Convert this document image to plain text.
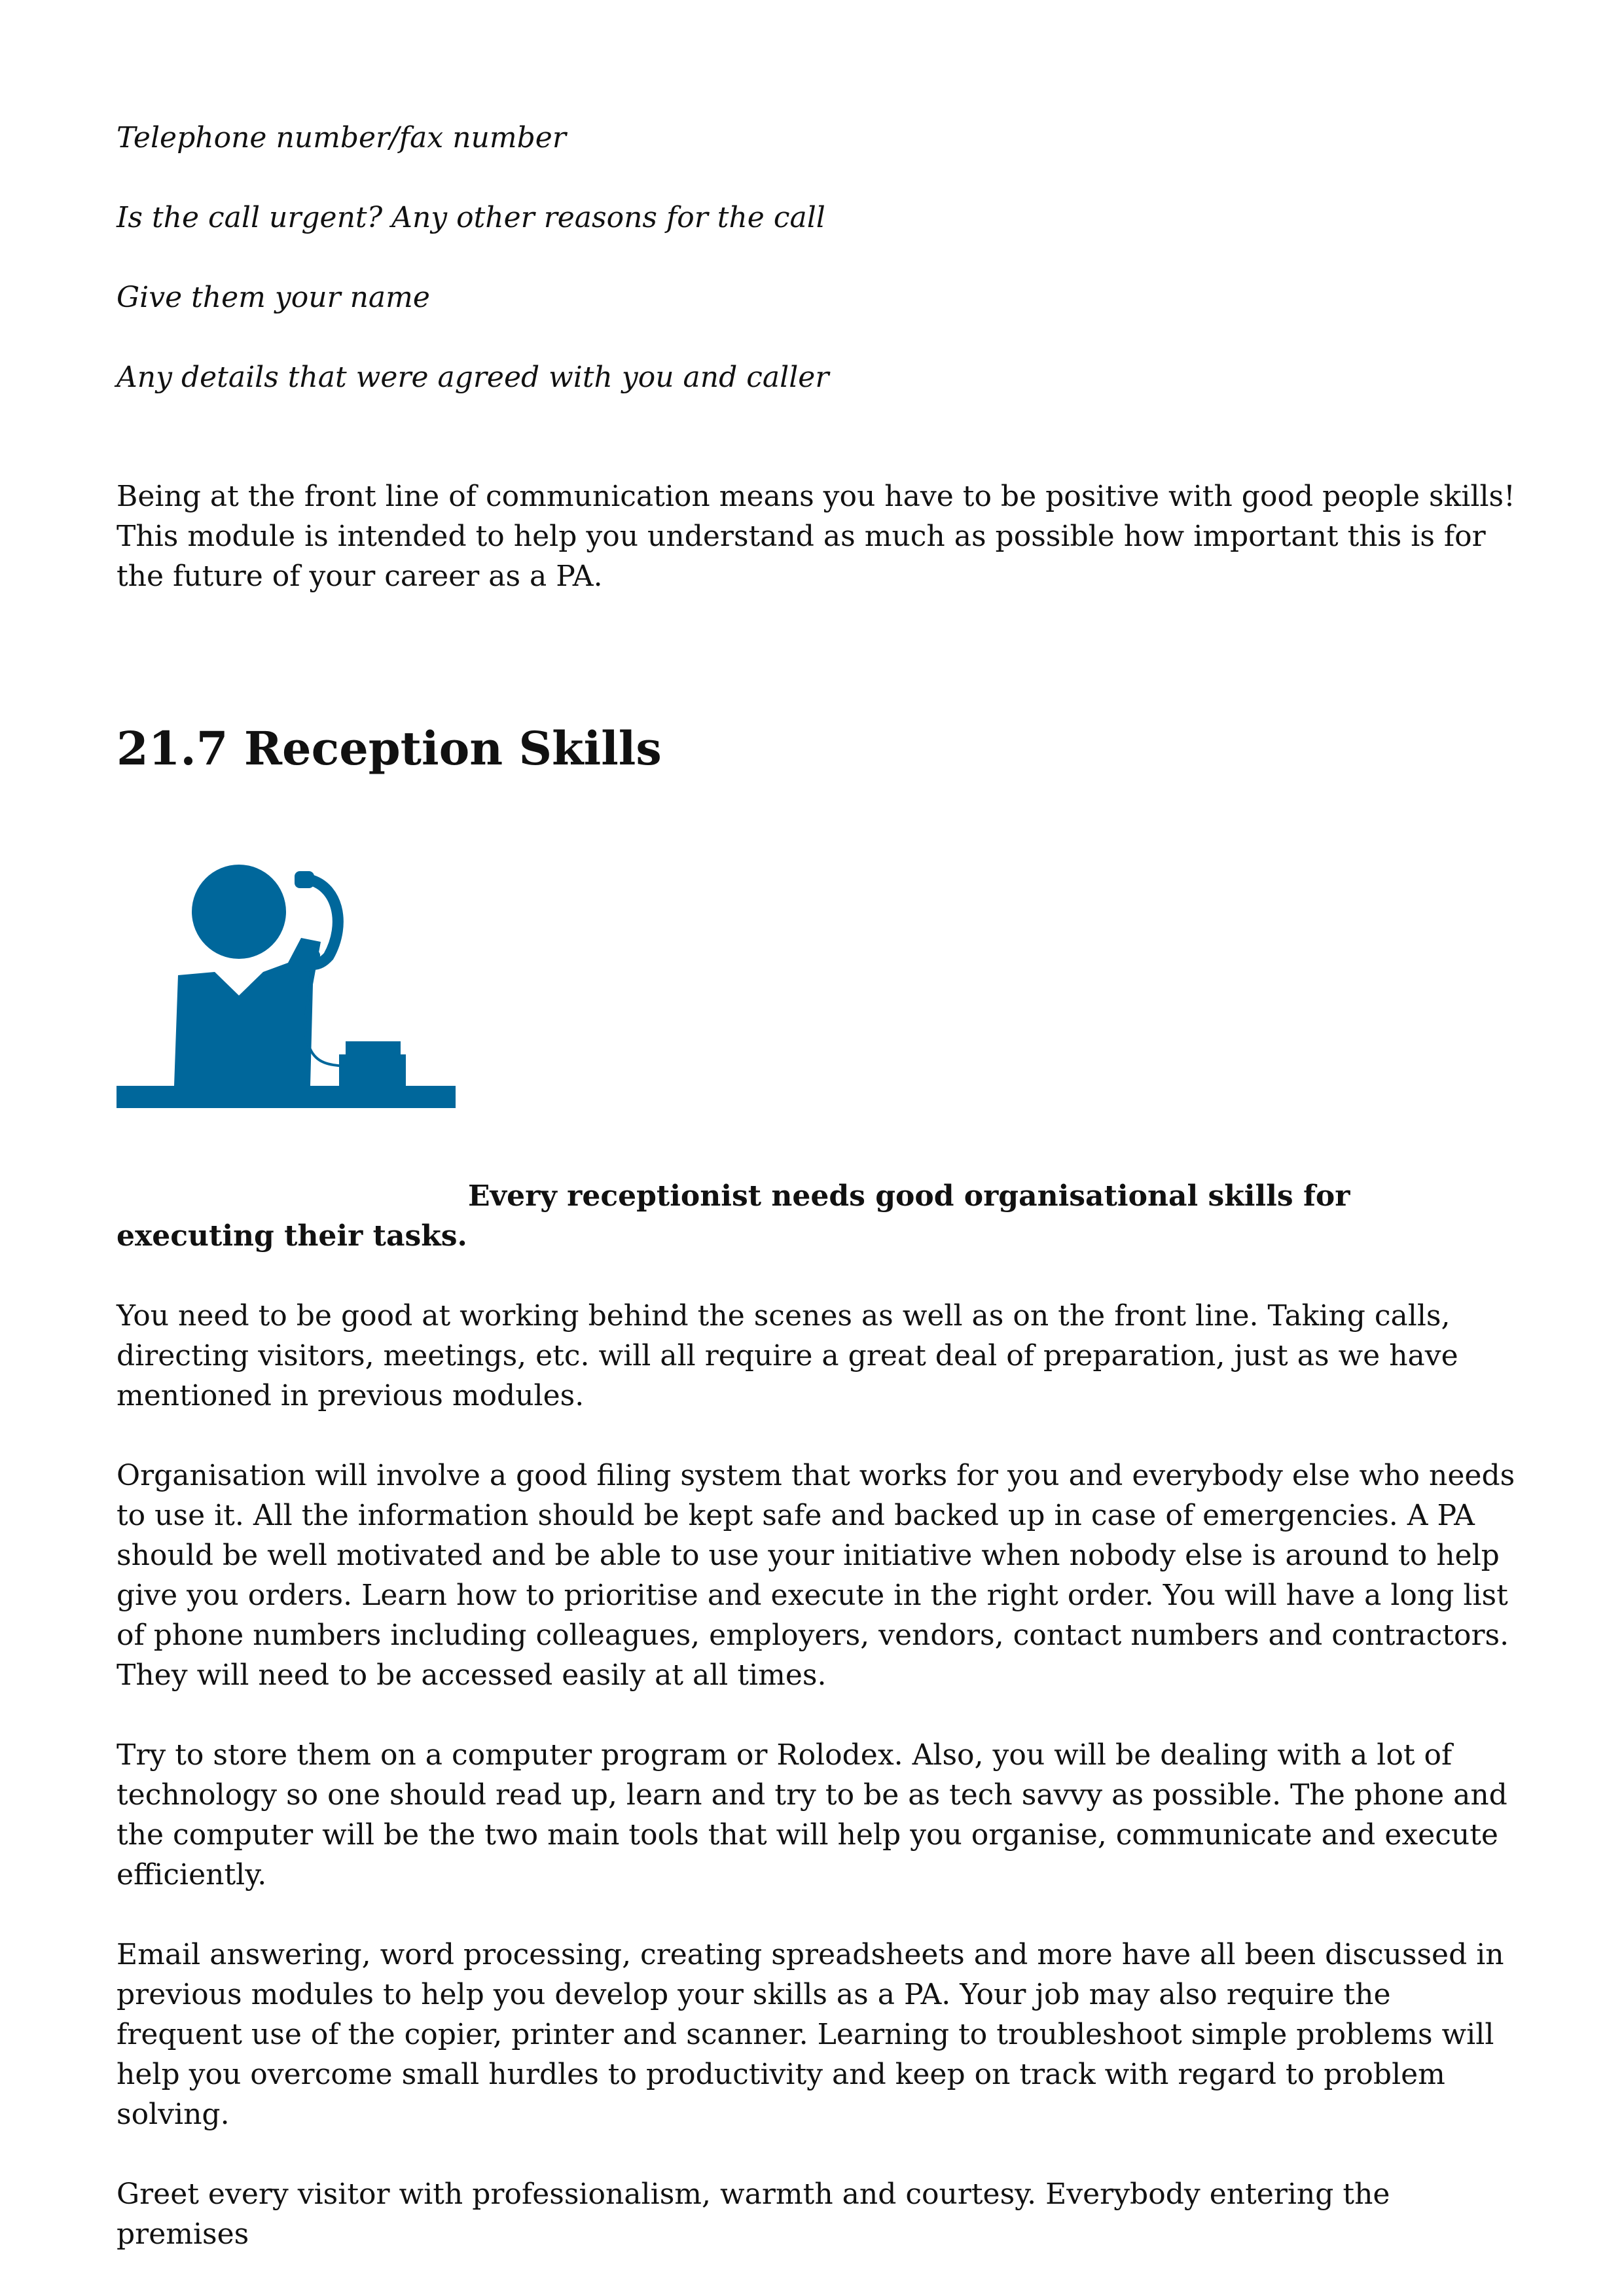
Telephone number/fax number

Is the call urgent? Any other reasons for the call

Give them your name

Any details that were agreed with you and caller

Being at the front line of communication means you have to be positive with good people skills! This module is intended to help you understand as much as possible how important this is for the future of your career as a PA.

21.7 Reception Skills

Every receptionist needs good organisational skills for executing their tasks.

You need to be good at working behind the scenes as well as on the front line. Taking calls, directing visitors, meetings, etc. will all require a great deal of preparation, just as we have mentioned in previous modules.

Organisation will involve a good filing system that works for you and everybody else who needs to use it. All the information should be kept safe and backed up in case of emergencies. A PA should be well motivated and be able to use your initiative when nobody else is around to help give you orders. Learn how to prioritise and execute in the right order. You will have a long list of phone numbers including colleagues, employers, vendors, contact numbers and contractors. They will need to be accessed easily at all times.

Try to store them on a computer program or Rolodex. Also, you will be dealing with a lot of technology so one should read up, learn and try to be as tech savvy as possible. The phone and the computer will be the two main tools that will help you organise, communicate and execute efficiently.

Email answering, word processing, creating spreadsheets and more have all been discussed in previous modules to help you develop your skills as a PA. Your job may also require the frequent use of the copier, printer and scanner. Learning to troubleshoot simple problems will help you overcome small hurdles to productivity and keep on track with regard to problem solving.

Greet every visitor with professionalism, warmth and courtesy. Everybody entering the premises
